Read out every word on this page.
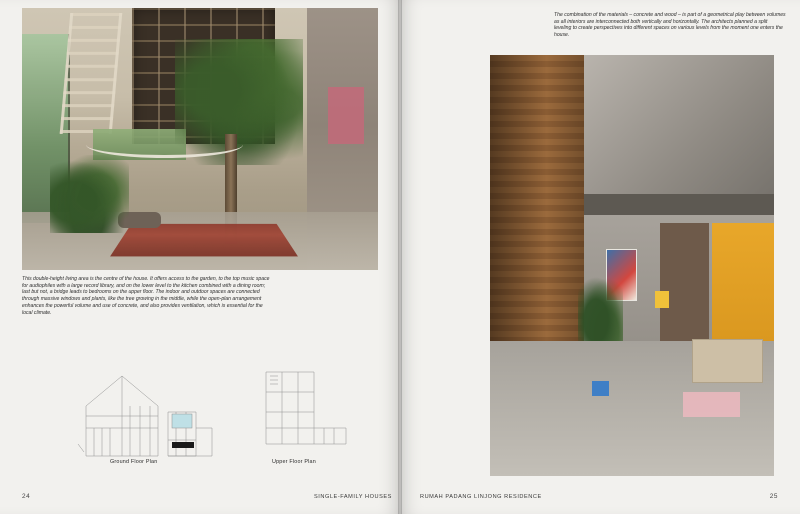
This double-height living area is the centre of the house. It offers access to the garden, to the top music space for audiophiles with a large record library, and on the lower level to the kitchen combined with a dining room; last but not, a bridge leads to bedrooms on the upper floor. The indoor and outdoor spaces are connected through massive windows and plants, like the tree growing in the middle, while the open-plan arrangement enhances the powerful volume and use of concrete, and also provides ventilation, which is essential for the local climate.
Ground Floor Plan	Upper Floor Plan
The combination of the materials – concrete and wood – is part of a geometrical play between volumes as all interiors are interconnected both vertically and horizontally. The architects planned a split leveling to create perspectives into different spaces on various levels from the moment one enters the house.
24	SINGLE-FAMILY HOUSES	RUMAH PADANG LINJONG RESIDENCE	25
